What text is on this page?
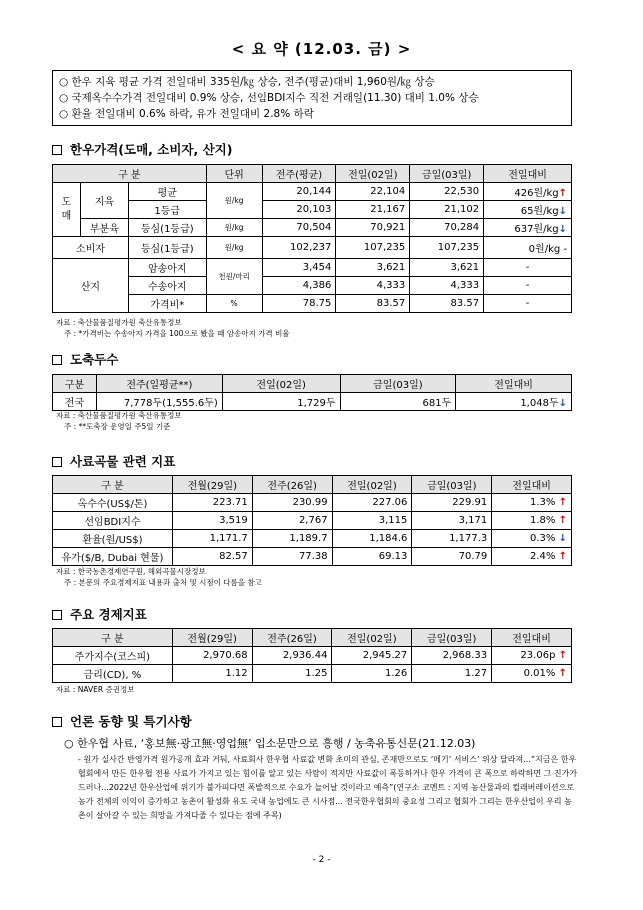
< 요 약 (12.03. 금) >
○ 한우 지육 평균 가격 전일대비 335원/㎏ 상승, 전주(평균)대비 1,960원/㎏ 상승
○ 국제옥수수가격 전일대비 0.9% 상승, 선임BDI지수 직전 거래일(11.30) 대비 1.0% 상승
○ 환율 전일대비 0.6% 하락, 유가 전일대비 2.8% 하락
한우가격(도매, 소비자, 산지)
구 분			단위	전주(평균)	전일(02일)	금일(03일)	전일대비
도
매	지육	평균	원/kg	20,144	22,104	22,530	426원/kg↑
		1등급		20,103	21,167	21,102	65원/kg↓
	부분육	등심(1등급)	원/kg	70,504	70,921	70,284	637원/kg↓
소비자		등심(1등급)	원/kg	102,237	107,235	107,235	0원/kg -
산지		암송아지	천원/마리	3,454	3,621	3,621	-
		수송아지		4,386	4,333	4,333	-
		가격비*	%	78.75	83.57	83.57	-
자료 : 축산물품질평가원 축산유통정보
주 : *가격비는 수송아지 가격을 100으로 봤을 때 암송아지 가격 비율
도축두수
구분	전주(일평균**)	전일(02일)	금일(03일)	전일대비
전국	7,778두(1,555.6두)	1,729두	681두	1,048두↓
자료 : 축산물품질평가원 축산유통정보
주 : **도축장 운영일 주5일 기준
사료곡물 관련 지표
구 분	전월(29일)	전주(26일)	전일(02일)	금일(03일)	전일대비
옥수수(US$/톤)	223.71	230.99	227.06	229.91	1.3% ↑
선임BDI지수	3,519	2,767	3,115	3,171	1.8% ↑
환율(원/US$)	1,171.7	1,189.7	1,184.6	1,177.3	0.3% ↓
유가($/B, Dubai 현물)	82.57	77.38	69.13	70.79	2.4% ↑
자료 : 한국농촌경제연구원, 해외곡물시장정보
주 : 본문의 주요경제지표 내용과 출처 및 시점이 다름을 참고
주요 경제지표
구 분	전월(29일)	전주(26일)	전일(02일)	금일(03일)	전일대비
주가지수(코스피)	2,970.68	2,936.44	2,945.27	2,968.33	23.06p ↑
금리(CD), %	1.12	1.25	1.26	1.27	0.01% ↑
자료 : NAVER 증권정보
언론 동향 및 특기사항
○ 한우협 사료, ‘홍보無·광고無·영업無’ 입소문만으로 흥행 / 농축유통신문(21.12.03)
- 원가 실사간 반영가격 원가공개 효과 거둬, 사료회사 한우협 사료값 변화 초미의 관심, 존재만으로도 ‘메기’ 서비스’ 위상 달라져...”지금은 한우협회에서 만든 한우협 전용 사료가 가지고 있는 힘이를 알고 있는 사람이 적지만 사료값이 폭등하거나 한우 가격이 큰 폭으로 하락하면 그 진가가 드러나...2022년 한우산업에 위기가 불가피다면 폭발적으로 수요가 늘어날 것이라고 예측”(연구소 코멘트 : 지역 농산물과의 컬래버레이션으로 농가 전체의 이익이 증가하고 농촌이 활성화 유도 국내 농업에도 큰 시사점... 전국한우협회의 중요성 그리고 협회가 그리는 한우산업이 우리 농촌이 살아갈 수 있는 희망을 가져다줄 수 있다는 점에 주목)
- 2 -
